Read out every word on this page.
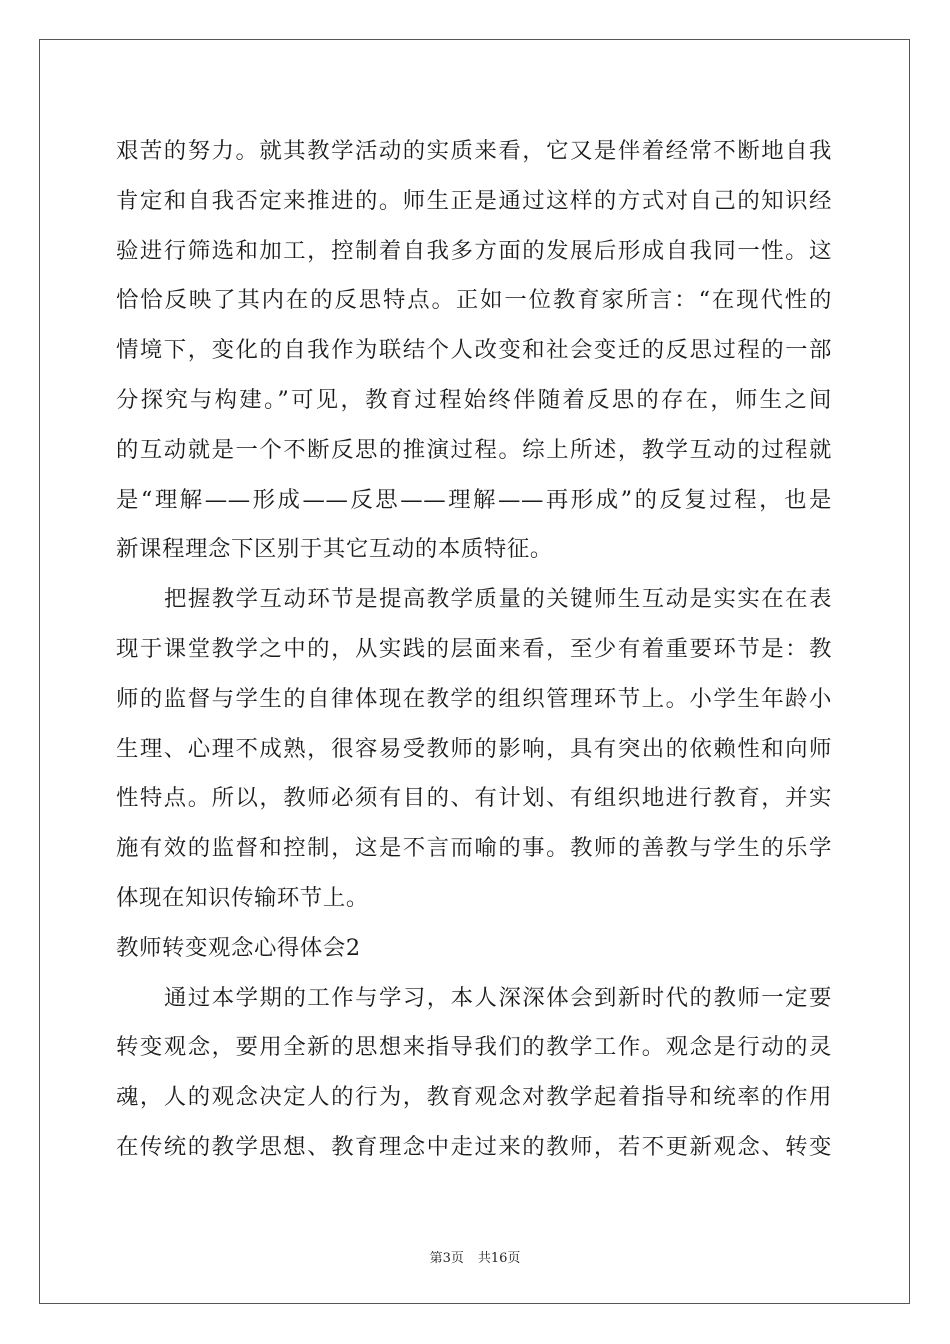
艰苦的努力。就其教学活动的实质来看，它又是伴着经常不断地自我
肯定和自我否定来推进的。师生正是通过这样的方式对自己的知识经
验进行筛选和加工，控制着自我多方面的发展后形成自我同一性。这
恰恰反映了其内在的反思特点。正如一位教育家所言：“在现代性的
情境下，变化的自我作为联结个人改变和社会变迁的反思过程的一部
分探究与构建。”可见，教育过程始终伴随着反思的存在，师生之间
的互动就是一个不断反思的推演过程。综上所述，教学互动的过程就
是“理解——形成——反思——理解——再形成”的反复过程，也是
新课程理念下区别于其它互动的本质特征。
把握教学互动环节是提高教学质量的关键师生互动是实实在在表
现于课堂教学之中的，从实践的层面来看，至少有着重要环节是：教
师的监督与学生的自律体现在教学的组织管理环节上。小学生年龄小
生理、心理不成熟，很容易受教师的影响，具有突出的依赖性和向师
性特点。所以，教师必须有目的、有计划、有组织地进行教育，并实
施有效的监督和控制，这是不言而喻的事。教师的善教与学生的乐学
体现在知识传输环节上。
教师转变观念心得体会2
通过本学期的工作与学习，本人深深体会到新时代的教师一定要
转变观念，要用全新的思想来指导我们的教学工作。观念是行动的灵
魂，人的观念决定人的行为，教育观念对教学起着指导和统率的作用
在传统的教学思想、教育理念中走过来的教师，若不更新观念、转变
第3页 共16页
